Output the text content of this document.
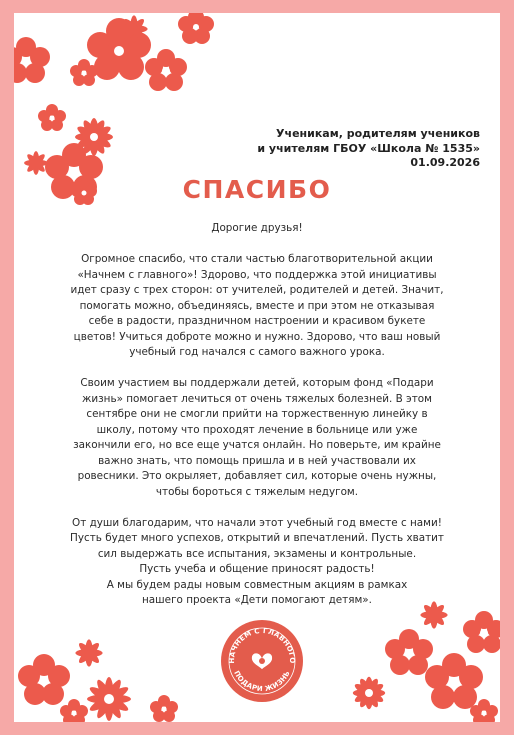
Ученикам, родителям учеников
и учителям ГБОУ «Школа № 1535»
01.09.2026
СПАСИБО

Дорогие друзья!

Огромное спасибо, что стали частью благотворительной акции
«Начнем с главного»! Здорово, что поддержка этой инициативы
идет сразу с трех сторон: от учителей, родителей и детей. Значит,
помогать можно, объединяясь, вместе и при этом не отказывая
себе в радости, праздничном настроении и красивом букете
цветов! Учиться доброте можно и нужно. Здорово, что ваш новый
учебный год начался с самого важного урока.

Своим участием вы поддержали детей, которым фонд «Подари
жизнь» помогает лечиться от очень тяжелых болезней. В этом
сентябре они не смогли прийти на торжественную линейку в
школу, потому что проходят лечение в больнице или уже
закончили его, но все еще учатся онлайн. Но поверьте, им крайне
важно знать, что помощь пришла и в ней участвовали их
ровесники. Это окрыляет, добавляет сил, которые очень нужны,
чтобы бороться с тяжелым недугом.

От души благодарим, что начали этот учебный год вместе с нами!
Пусть будет много успехов, открытий и впечатлений. Пусть хватит
сил выдержать все испытания, экзамены и контрольные.
Пусть учеба и общение приносят радость!
А мы будем рады новым совместным акциям в рамках
нашего проекта «Дети помогают детям».

НАЧНЕМ С ГЛАВНОГО
ПОДАРИ ЖИЗНЬ
